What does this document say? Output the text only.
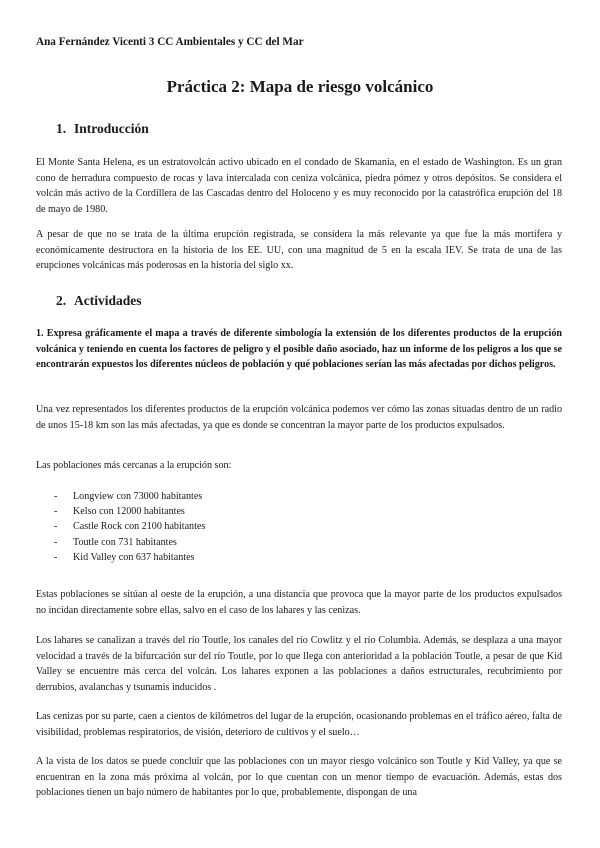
Ana Fernández Vicenti 3 CC Ambientales y CC del Mar
Práctica 2: Mapa de riesgo volcánico
1. Introducción

El Monte Santa Helena, es un estratovolcán activo ubicado en el condado de Skamania, en el estado de Washington. Es un gran cono de herradura compuesto de rocas y lava intercalada con ceniza volcánica, piedra pómez y otros depósitos. Se considera el volcán más activo de la Cordillera de las Cascadas dentro del Holoceno y es muy reconocido por la catastrófica erupción del 18 de mayo de 1980.

A pesar de que no se trata de la última erupción registrada, se considera la más relevante ya que fue la más mortífera y económicamente destructora en la historia de los EE. UU, con una magnitud de 5 en la escala IEV. Se trata de una de las erupciones volcánicas más poderosas en la historia del siglo xx.

2. Actividades

1. Expresa gráficamente el mapa a través de diferente simbología la extensión de los diferentes productos de la erupción volcánica y teniendo en cuenta los factores de peligro y el posible daño asociado, haz un informe de los peligros a los que se encontrarán expuestos los diferentes núcleos de población y qué poblaciones serían las más afectadas por dichos peligros.

Una vez representados los diferentes productos de la erupción volcánica podemos ver cómo las zonas situadas dentro de un radio de unos 15-18 km son las más afectadas, ya que es donde se concentran la mayor parte de los productos expulsados.

Las poblaciones más cercanas a la erupción son:

- Longview con 73000 habitantes
- Kelso con 12000 habitantes
- Castle Rock con 2100 habitantes
- Toutle con 731 habitantes
- Kid Valley con 637 habitantes

Estas poblaciones se sitúan al oeste de la erupción, a una distancia que provoca que la mayor parte de los productos expulsados no incidan directamente sobre ellas, salvo en el caso de los lahares y las cenizas.

Los lahares se canalizan a través del río Toutle, los canales del río Cowlitz y el río Columbia. Además, se desplaza a una mayor velocidad a través de la bifurcación sur del río Toutle, por lo que llega con anterioridad a la población Toutle, a pesar de que Kid Valley se encuentre más cerca del volcán. Los lahares exponen a las poblaciones a daños estructurales, recubrimiento por derrubios, avalanchas y tsunamis inducidos .

Las cenizas por su parte, caen a cientos de kilómetros del lugar de la erupción, ocasionando problemas en el tráfico aéreo, falta de visibilidad, problemas respiratorios, de visión, deterioro de cultivos y el suelo…

A la vista de los datos se puede concluir que las poblaciones con un mayor riesgo volcánico son Toutle y Kid Valley, ya que se encuentran en la zona más próxima al volcán, por lo que cuentan con un menor tiempo de evacuación. Además, estas dos poblaciones tienen un bajo número de habitantes por lo que, probablemente, dispongan de una
